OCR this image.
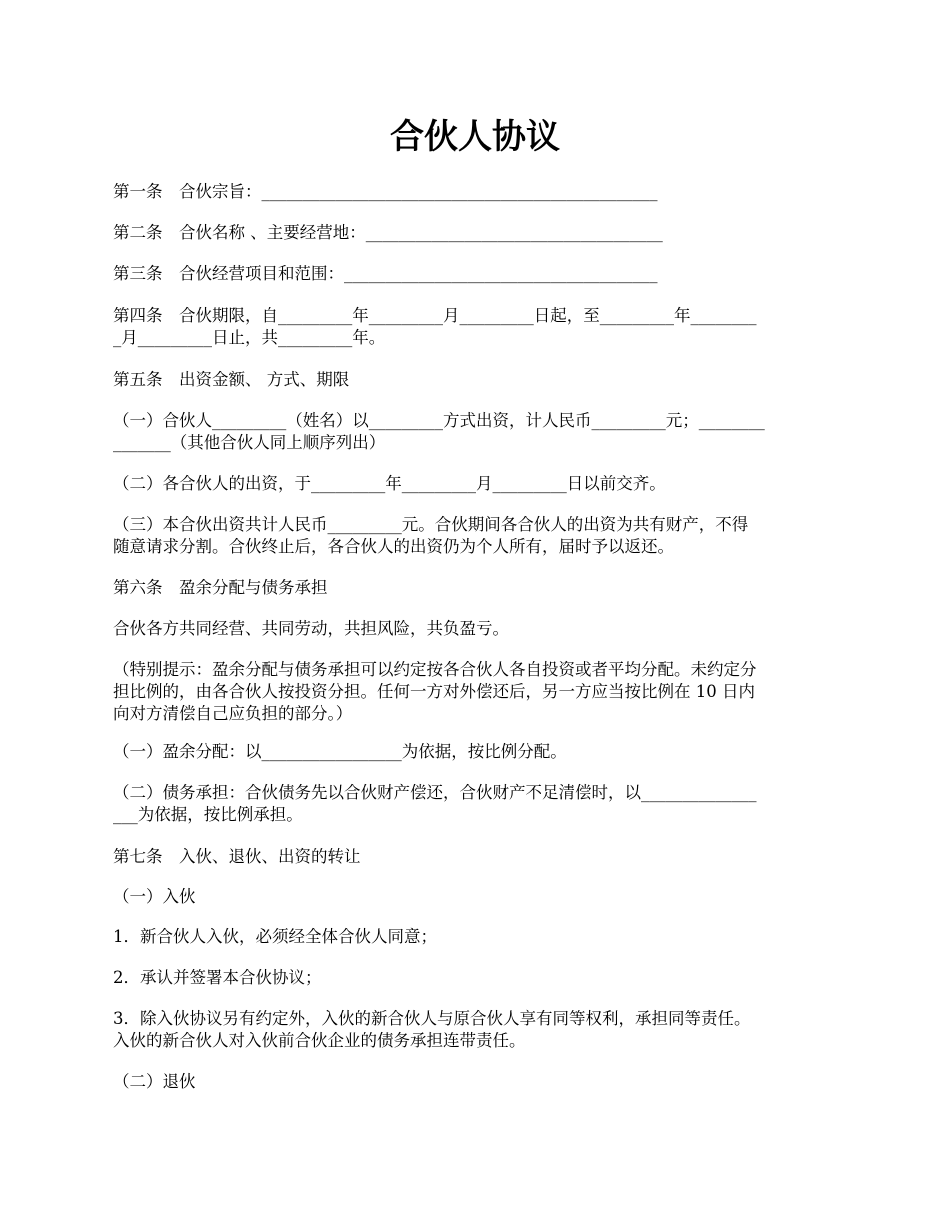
合伙人协议

第一条　合伙宗旨：________________________________________________

第二条　合伙名称 、主要经营地：____________________________________

第三条　合伙经营项目和范围：______________________________________

第四条　合伙期限，自_________年_________月_________日起，至_________年________
_月_________日止，共_________年。

第五条　出资金额、 方式、期限

（一）合伙人_________（姓名）以_________方式出资，计人民币_________元；________
_______（其他合伙人同上顺序列出）

（二）各合伙人的出资，于_________年_________月_________日以前交齐。

（三）本合伙出资共计人民币_________元。合伙期间各合伙人的出资为共有财产，不得
随意请求分割。合伙终止后，各合伙人的出资仍为个人所有，届时予以返还。

第六条　盈余分配与债务承担

合伙各方共同经营、共同劳动，共担风险，共负盈亏。

（特别提示：盈余分配与债务承担可以约定按各合伙人各自投资或者平均分配。未约定分
担比例的，由各合伙人按投资分担。任何一方对外偿还后，另一方应当按比例在 10 日内
向对方清偿自己应负担的部分。）

（一）盈余分配：以_________________为依据，按比例分配。

（二）债务承担：合伙债务先以合伙财产偿还，合伙财产不足清偿时，以______________
___为依据，按比例承担。

第七条　入伙、退伙、出资的转让

（一）入伙

1．新合伙人入伙，必须经全体合伙人同意；

2．承认并签署本合伙协议；

3．除入伙协议另有约定外，入伙的新合伙人与原合伙人享有同等权利，承担同等责任。
入伙的新合伙人对入伙前合伙企业的债务承担连带责任。

（二）退伙
